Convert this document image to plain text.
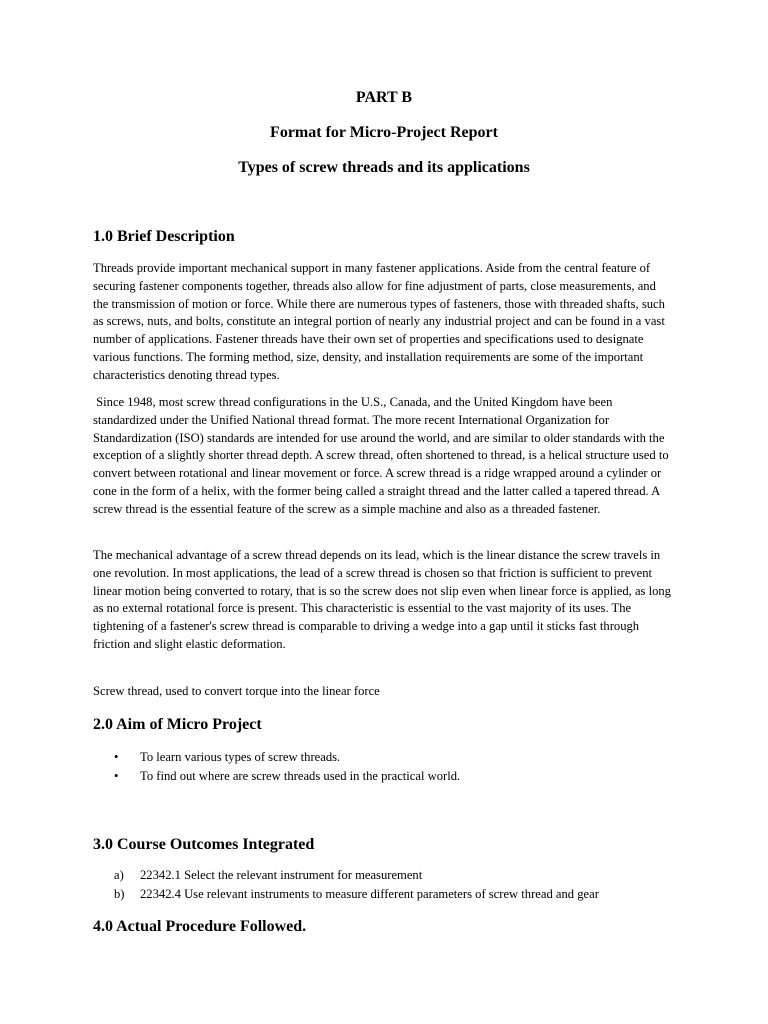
PART B

Format for Micro-Project Report

Types of screw threads and its applications

1.0 Brief Description

Threads provide important mechanical support in many fastener applications. Aside from the central feature of securing fastener components together, threads also allow for fine adjustment of parts, close measurements, and the transmission of motion or force. While there are numerous types of fasteners, those with threaded shafts, such as screws, nuts, and bolts, constitute an integral portion of nearly any industrial project and can be found in a vast number of applications. Fastener threads have their own set of properties and specifications used to designate various functions. The forming method, size, density, and installation requirements are some of the important characteristics denoting thread types.

Since 1948, most screw thread configurations in the U.S., Canada, and the United Kingdom have been standardized under the Unified National thread format. The more recent International Organization for Standardization (ISO) standards are intended for use around the world, and are similar to older standards with the exception of a slightly shorter thread depth. A screw thread, often shortened to thread, is a helical structure used to convert between rotational and linear movement or force. A screw thread is a ridge wrapped around a cylinder or cone in the form of a helix, with the former being called a straight thread and the latter called a tapered thread. A screw thread is the essential feature of the screw as a simple machine and also as a threaded fastener.

The mechanical advantage of a screw thread depends on its lead, which is the linear distance the screw travels in one revolution. In most applications, the lead of a screw thread is chosen so that friction is sufficient to prevent linear motion being converted to rotary, that is so the screw does not slip even when linear force is applied, as long as no external rotational force is present. This characteristic is essential to the vast majority of its uses. The tightening of a fastener's screw thread is comparable to driving a wedge into a gap until it sticks fast through friction and slight elastic deformation.

Screw thread, used to convert torque into the linear force

2.0 Aim of Micro Project

• To learn various types of screw threads.
• To find out where are screw threads used in the practical world.

3.0 Course Outcomes Integrated

a) 22342.1 Select the relevant instrument for measurement
b) 22342.4 Use relevant instruments to measure different parameters of screw thread and gear

4.0 Actual Procedure Followed.
